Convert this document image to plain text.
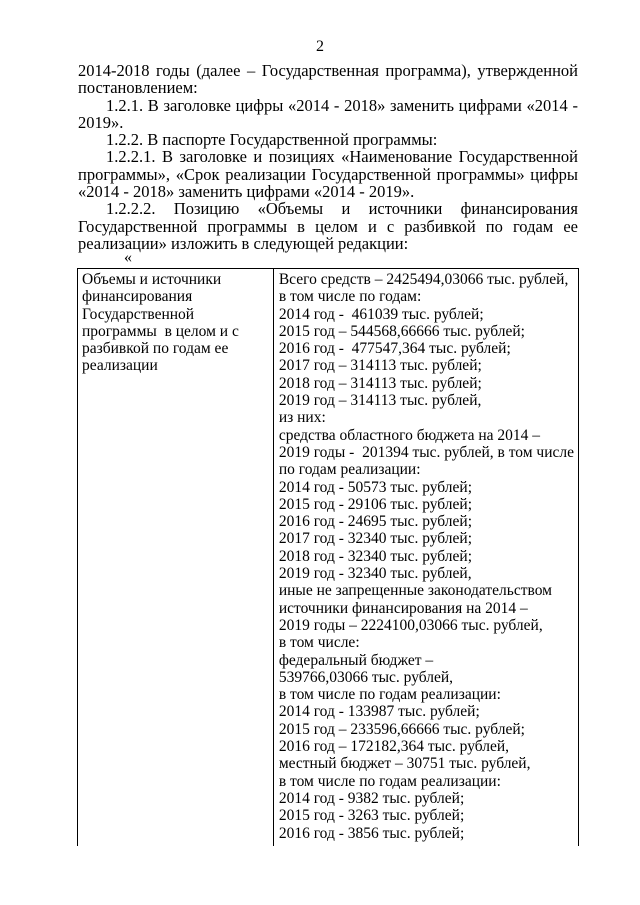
2

2014-2018 годы (далее – Государственная программа), утвержденной

постановлением:

1.2.1. В заголовке цифры «2014 - 2018» заменить цифрами «2014 - 2019».

1.2.2. В паспорте Государственной программы:

1.2.2.1. В заголовке и позициях «Наименование Государственной программы», «Срок реализации Государственной программы» цифры «2014 - 2018» заменить цифрами «2014 - 2019».

1.2.2.2. Позицию «Объемы и источники финансирования

Государственной программы в целом и с разбивкой по годам ее реализации» изложить в следующей редакции:

«
Объемы и источники
финансирования
Государственной
программы  в целом и с
разбивкой по годам ее
реализации
Всего средств – 2425494,03066 тыс. рублей,
в том числе по годам:
2014 год -  461039 тыс. рублей;
2015 год – 544568,66666 тыс. рублей;
2016 год -  477547,364 тыс. рублей;
2017 год – 314113 тыс. рублей;
2018 год – 314113 тыс. рублей;
2019 год – 314113 тыс. рублей,
из них:
средства областного бюджета на 2014 –
2019 годы -  201394 тыс. рублей, в том числе
по годам реализации:
2014 год - 50573 тыс. рублей;
2015 год - 29106 тыс. рублей;
2016 год - 24695 тыс. рублей;
2017 год - 32340 тыс. рублей;
2018 год - 32340 тыс. рублей;
2019 год - 32340 тыс. рублей,
иные не запрещенные законодательством
источники финансирования на 2014 –
2019 годы – 2224100,03066 тыс. рублей,
в том числе:
федеральный бюджет –
539766,03066 тыс. рублей,
в том числе по годам реализации:
2014 год - 133987 тыс. рублей;
2015 год – 233596,66666 тыс. рублей;
2016 год – 172182,364 тыс. рублей,
местный бюджет – 30751 тыс. рублей,
в том числе по годам реализации:
2014 год - 9382 тыс. рублей;
2015 год - 3263 тыс. рублей;
2016 год - 3856 тыс. рублей;
